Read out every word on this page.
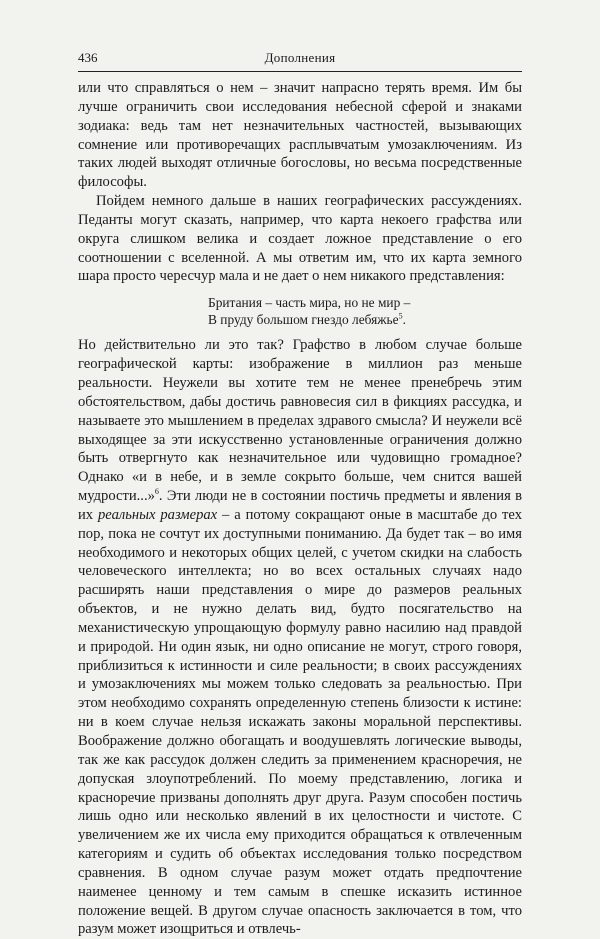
436	Дополнения

или что справляться о нем – значит напрасно терять время. Им бы лучше ограничить свои исследования небесной сферой и знаками зодиака: ведь там нет незначительных частностей, вызывающих сомнение или противоречащих расплывчатым умозаключениям. Из таких людей выходят отличные богословы, но весьма посредственные философы.

Пойдем немного дальше в наших географических рассуждениях. Педанты могут сказать, например, что карта некоего графства или округа слишком велика и создает ложное представление о его соотношении с вселенной. А мы ответим им, что их карта земного шара просто чересчур мала и не дает о нем никакого представления:

Британия – часть мира, но не мир –
В пруду большом гнездо лебяжье$^5$.

Но действительно ли это так? Графство в любом случае больше географической карты: изображение в миллион раз меньше реальности. Неужели вы хотите тем не менее пренебречь этим обстоятельством, дабы достичь равновесия сил в фикциях рассудка, и называете это мышлением в пределах здравого смысла? И неужели всё выходящее за эти искусственно установленные ограничения должно быть отвергнуто как незначительное или чудовищно громадное? Однако «и в небе, и в земле сокрыто больше, чем снится вашей мудрости...»$^6$. Эти люди не в состоянии постичь предметы и явления в их реальных размерах – а потому сокращают оные в масштабе до тех пор, пока не сочтут их доступными пониманию. Да будет так – во имя необходимого и некоторых общих целей, с учетом скидки на слабость человеческого интеллекта; но во всех остальных случаях надо расширять наши представления о мире до размеров реальных объектов, и не нужно делать вид, будто посягательство на механистическую упрощающую формулу равно насилию над правдой и природой. Ни один язык, ни одно описание не могут, строго говоря, приблизиться к истинности и силе реальности; в своих рассуждениях и умозаключениях мы можем только следовать за реальностью. При этом необходимо сохранять определенную степень близости к истине: ни в коем случае нельзя искажать законы моральной перспективы. Воображение должно обогащать и воодушевлять логические выводы, так же как рассудок должен следить за применением красноречия, не допуская злоупотреблений. По моему представлению, логика и красноречие призваны дополнять друг друга. Разум способен постичь лишь одно или несколько явлений в их целостности и чистоте. С увеличением же их числа ему приходится обращаться к отвлеченным категориям и судить об объектах исследования только посредством сравнения. В одном случае разум может отдать предпочтение наименее ценному и тем самым в спешке исказить истинное положение вещей. В другом случае опасность заключается в том, что разум может изощриться и отвлечь-
